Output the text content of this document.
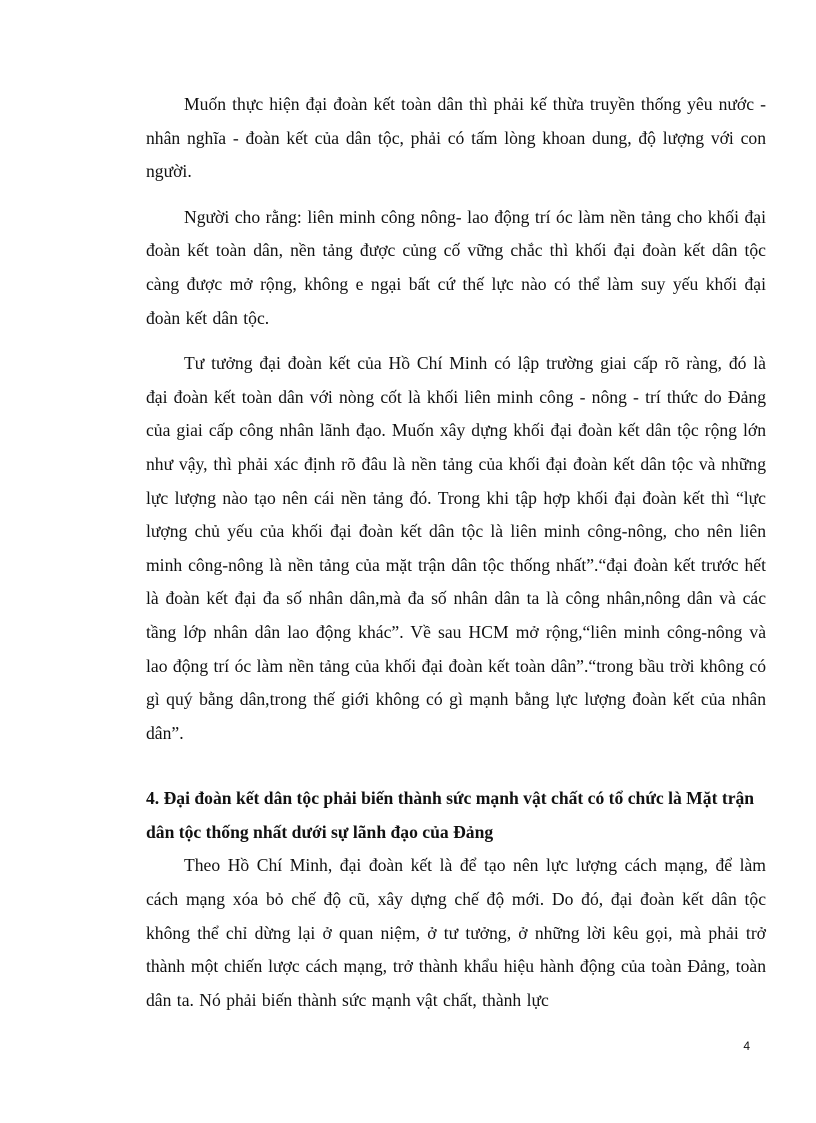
Muốn thực hiện đại đoàn kết toàn dân thì phải kế thừa truyền thống yêu nước - nhân nghĩa - đoàn kết của dân tộc, phải có tấm lòng khoan dung, độ lượng với con người.

Người cho rằng: liên minh công nông- lao động trí óc làm nền tảng cho khối đại đoàn kết toàn dân, nền tảng được củng cố vững chắc thì khối đại đoàn kết dân tộc càng được mở rộng, không e ngại bất cứ thế lực nào có thể làm suy yếu khối đại đoàn kết dân tộc.

Tư tưởng đại đoàn kết của Hồ Chí Minh có lập trường giai cấp rõ ràng, đó là đại đoàn kết toàn dân với nòng cốt là khối liên minh công - nông - trí thức do Đảng của giai cấp công nhân lãnh đạo. Muốn xây dựng khối đại đoàn kết dân tộc rộng lớn như vậy, thì phải xác định rõ đâu là nền tảng của khối đại đoàn kết dân tộc và những lực lượng nào tạo nên cái nền tảng đó. Trong khi tập hợp khối đại đoàn kết thì “lực lượng chủ yếu của khối đại đoàn kết dân tộc là liên minh công-nông, cho nên liên minh công-nông là nền tảng của mặt trận dân tộc thống nhất”.“đại đoàn kết trước hết là đoàn kết đại đa số nhân dân,mà đa số nhân dân ta là công nhân,nông dân và các tầng lớp nhân dân lao động khác”. Về sau HCM mở rộng,“liên minh công-nông và lao động trí óc làm nền tảng của khối đại đoàn kết toàn dân”.“trong bầu trời không có gì quý bằng dân,trong thế giới không có gì mạnh bằng lực lượng đoàn kết của nhân dân”.

4. Đại đoàn kết dân tộc phải biến thành sức mạnh vật chất có tổ chức là Mặt trận dân tộc thống nhất dưới sự lãnh đạo của Đảng

Theo Hồ Chí Minh, đại đoàn kết là để tạo nên lực lượng cách mạng, để làm cách mạng xóa bỏ chế độ cũ, xây dựng chế độ mới. Do đó, đại đoàn kết dân tộc không thể chỉ dừng lại ở quan niệm, ở tư tưởng, ở những lời kêu gọi, mà phải trở thành một chiến lược cách mạng, trở thành khẩu hiệu hành động của toàn Đảng, toàn dân ta. Nó phải biến thành sức mạnh vật chất, thành lực

4
